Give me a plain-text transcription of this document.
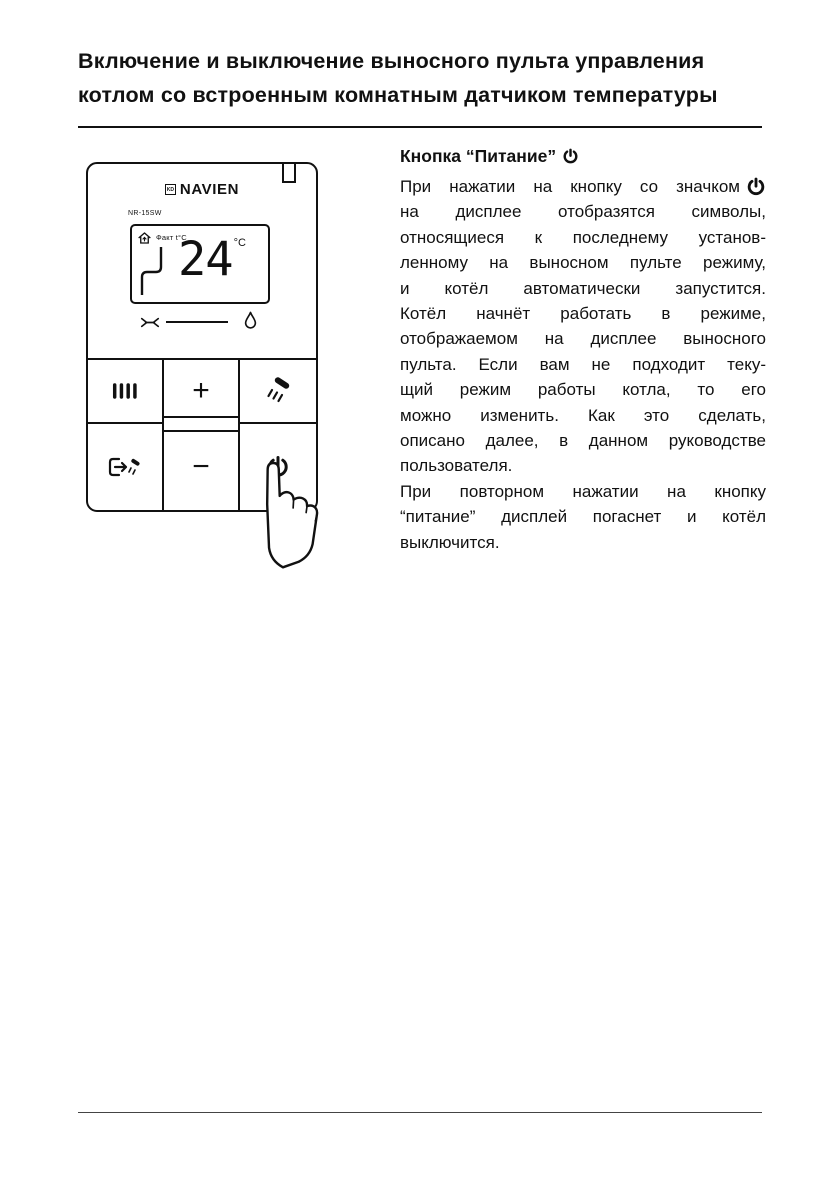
Включение и выключение выносного пульта управления
котлом со встроенным комнатным датчиком температуры
KD NAVIEN
NR-15SW
Факт t°C
24 °C
+
−
Кнопка “Питание”
При нажатии на кнопку со значком
на дисплее отобразятся символы,
относящиеся к последнему установ-
ленному на выносном пульте режиму,
и котёл автоматически запустится.
Котёл начнёт работать в режиме,
отображаемом на дисплее выносного
пульта. Если вам не подходит теку-
щий режим работы котла, то его
можно изменить. Как это сделать,
описано далее, в данном руководстве
пользователя.
При повторном нажатии на кнопку
“питание” дисплей погаснет и котёл
выключится.
